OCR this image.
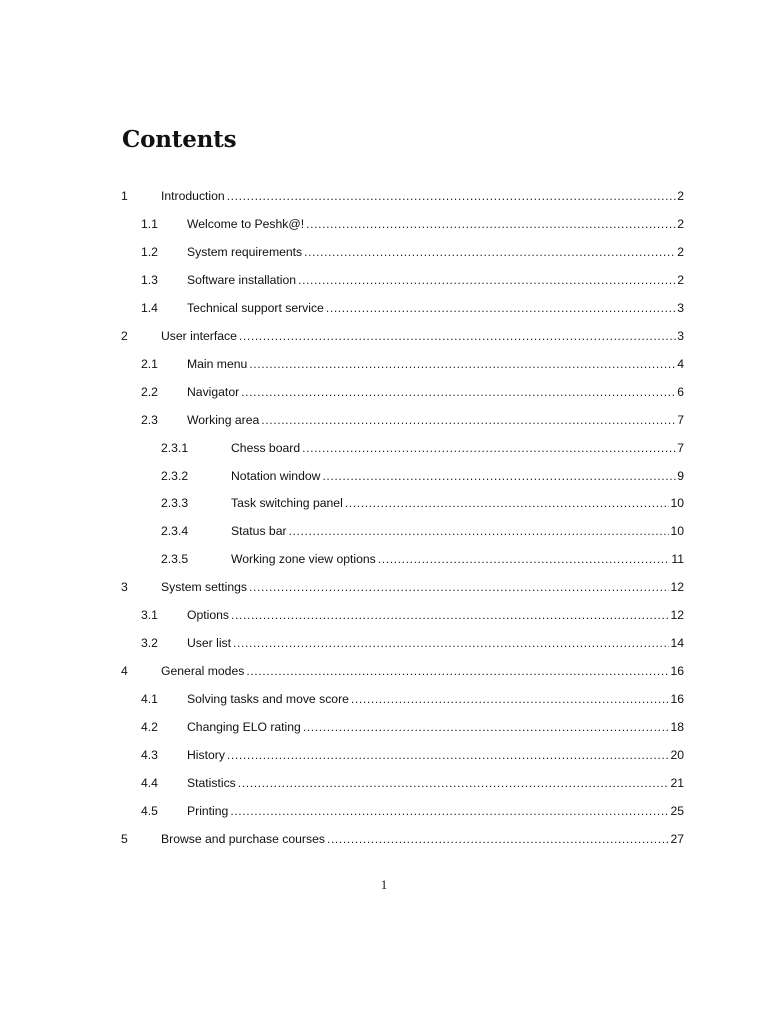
Contents
1	Introduction .....	2
1.1 Welcome to Peshk@! .....	2
1.2 System requirements .....	2
1.3 Software installation .....	2
1.4 Technical support service .....	3
2	User interface .....	3
2.1 Main menu .....	4
2.2 Navigator .....	6
2.3 Working area .....	7
2.3.1	Chess board .....	7
2.3.2	Notation window .....	9
2.3.3	Task switching panel .....	10
2.3.4	Status bar .....	10
2.3.5	Working zone view options .....	11
3	System settings .....	12
3.1 Options .....	12
3.2 User list .....	14
4	General modes .....	16
4.1 Solving tasks and move score .....	16
4.2 Changing ELO rating .....	18
4.3 History .....	20
4.4 Statistics .....	21
4.5 Printing .....	25
5	Browse and purchase courses .....	27
1
